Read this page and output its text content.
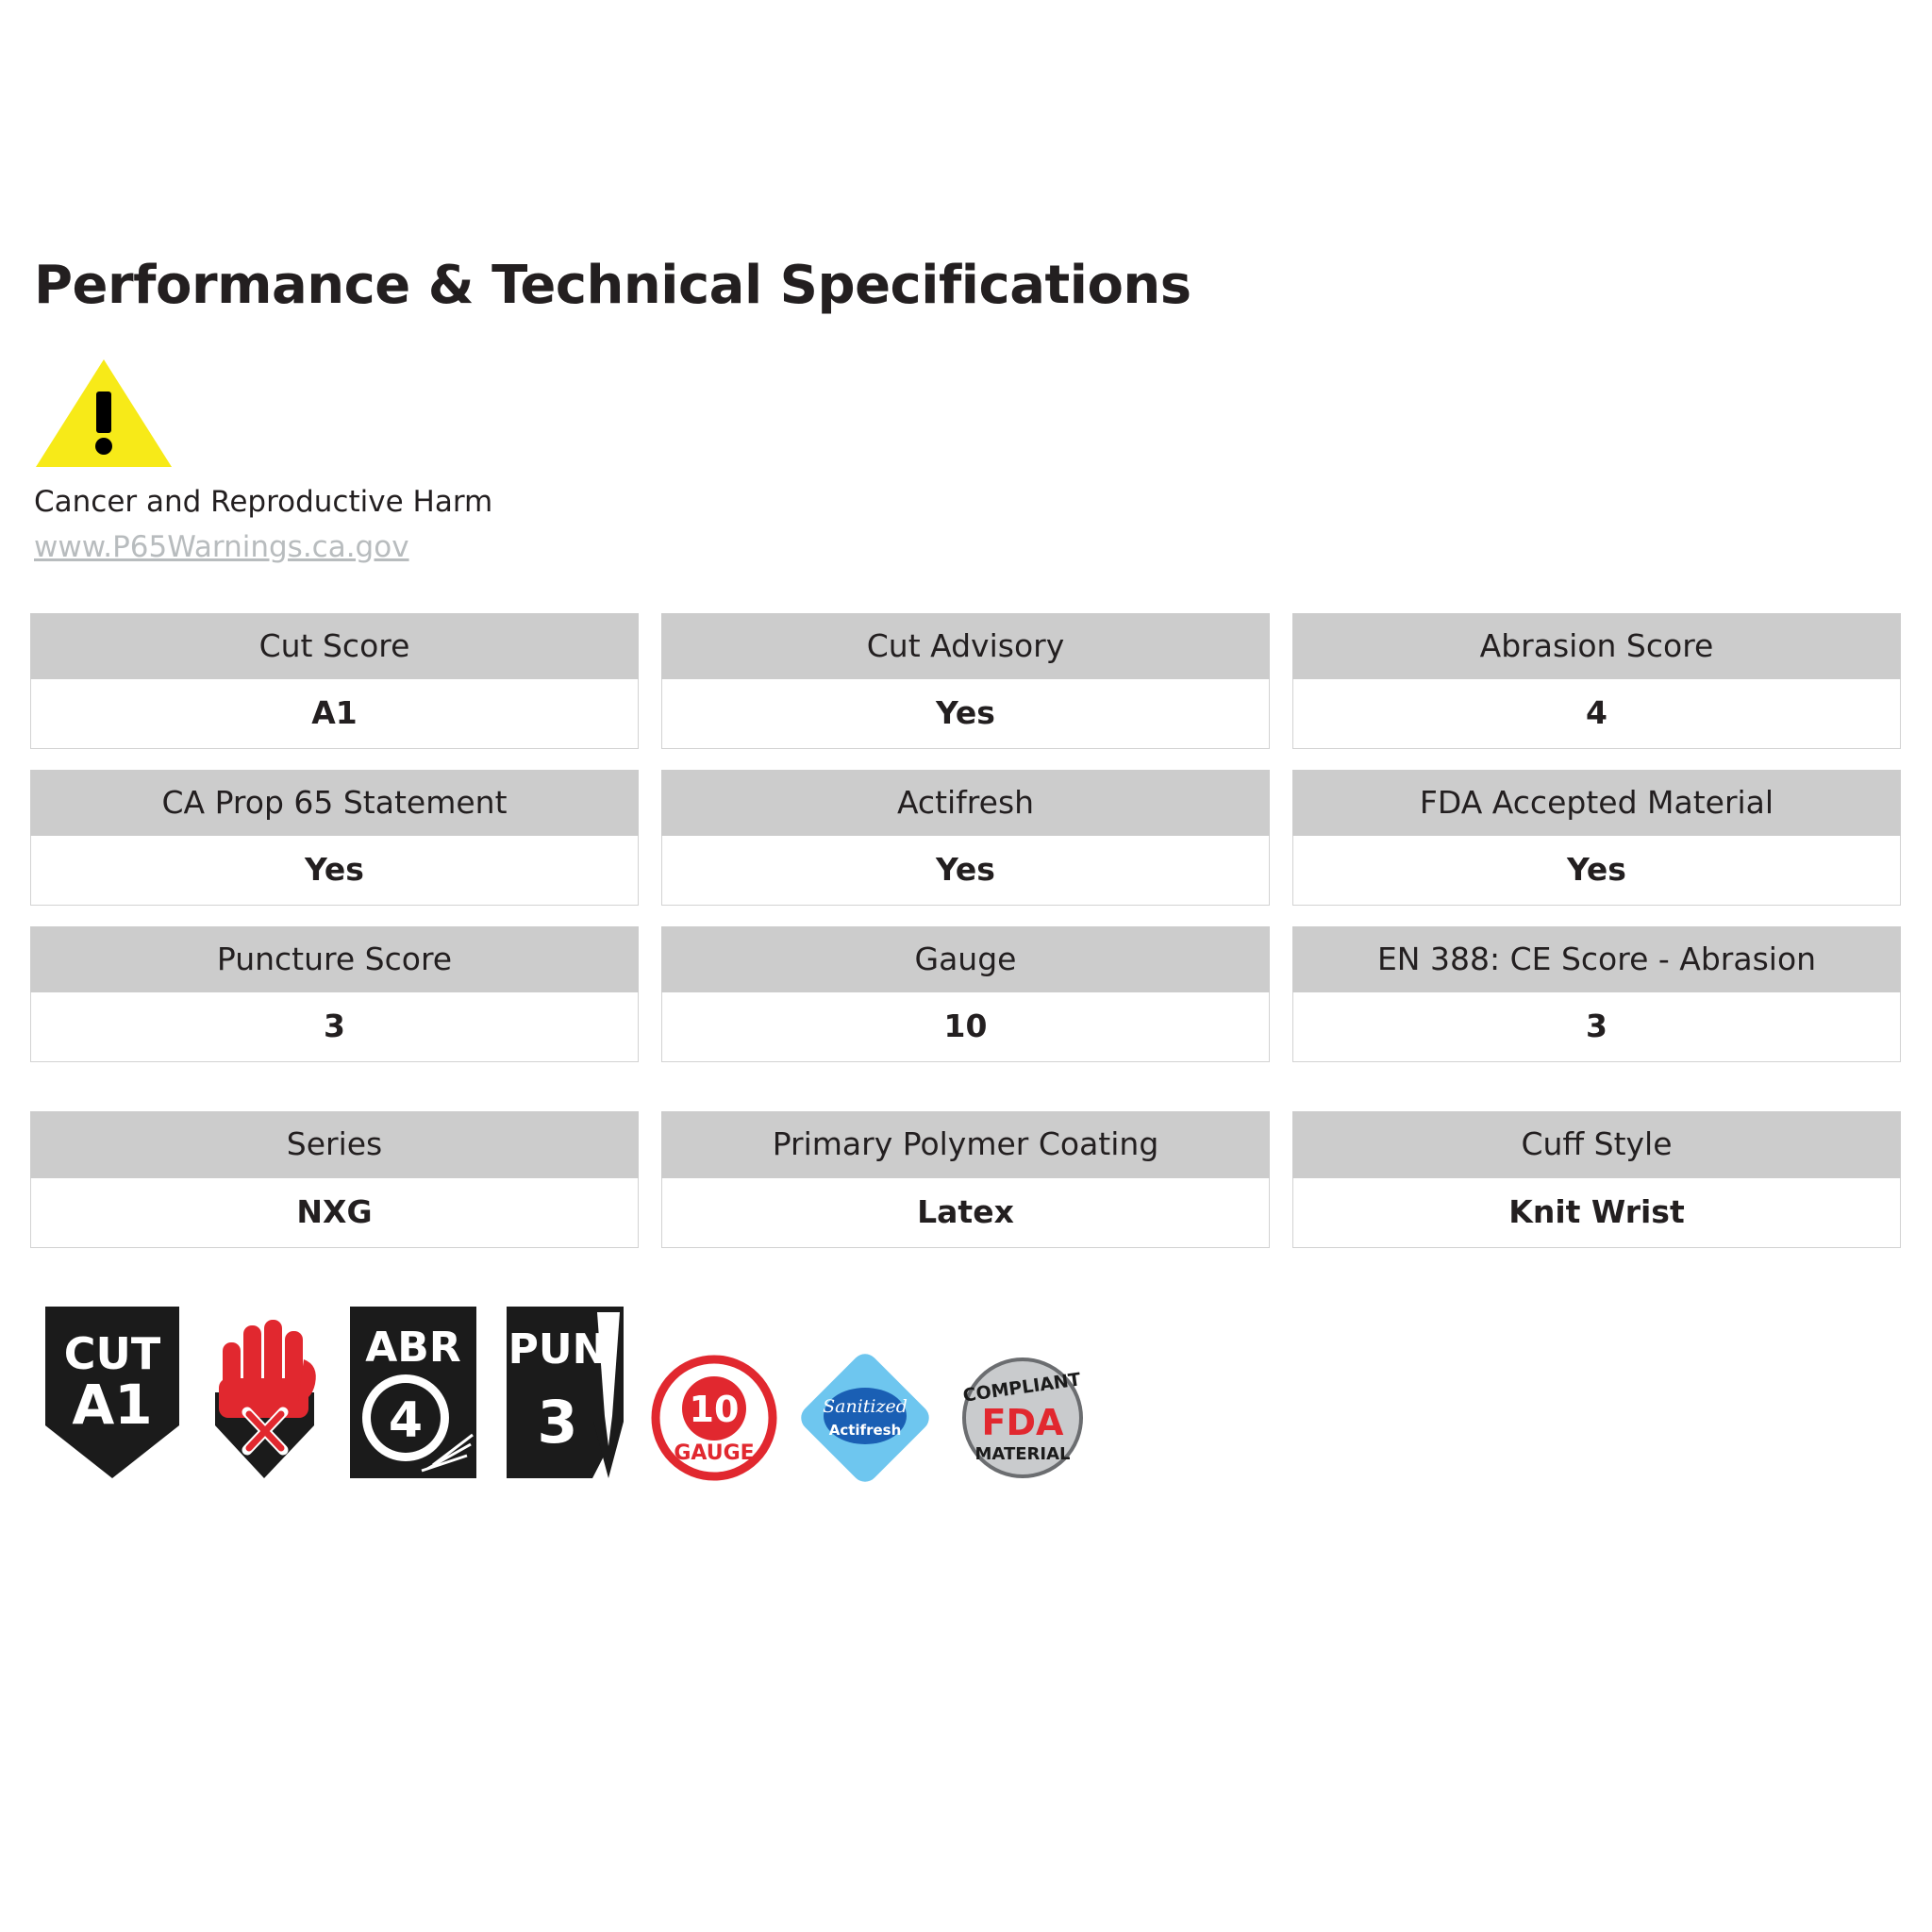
Performance & Technical Specifications
Cancer and Reproductive Harm
www.P65Warnings.ca.gov
Cut Score
A1
Cut Advisory
Yes
Abrasion Score
4
CA Prop 65 Statement
Yes
Actifresh
Yes
FDA Accepted Material
Yes
Puncture Score
3
Gauge
10
EN 388: CE Score - Abrasion
3
Series
NXG
Primary Polymer Coating
Latex
Cuff Style
Knit Wrist
CUT
A1
ABR
4
PUN
3	10
GAUGE
Sanitized
Actifresh
COMPLIANT
FDA
MATERIAL
